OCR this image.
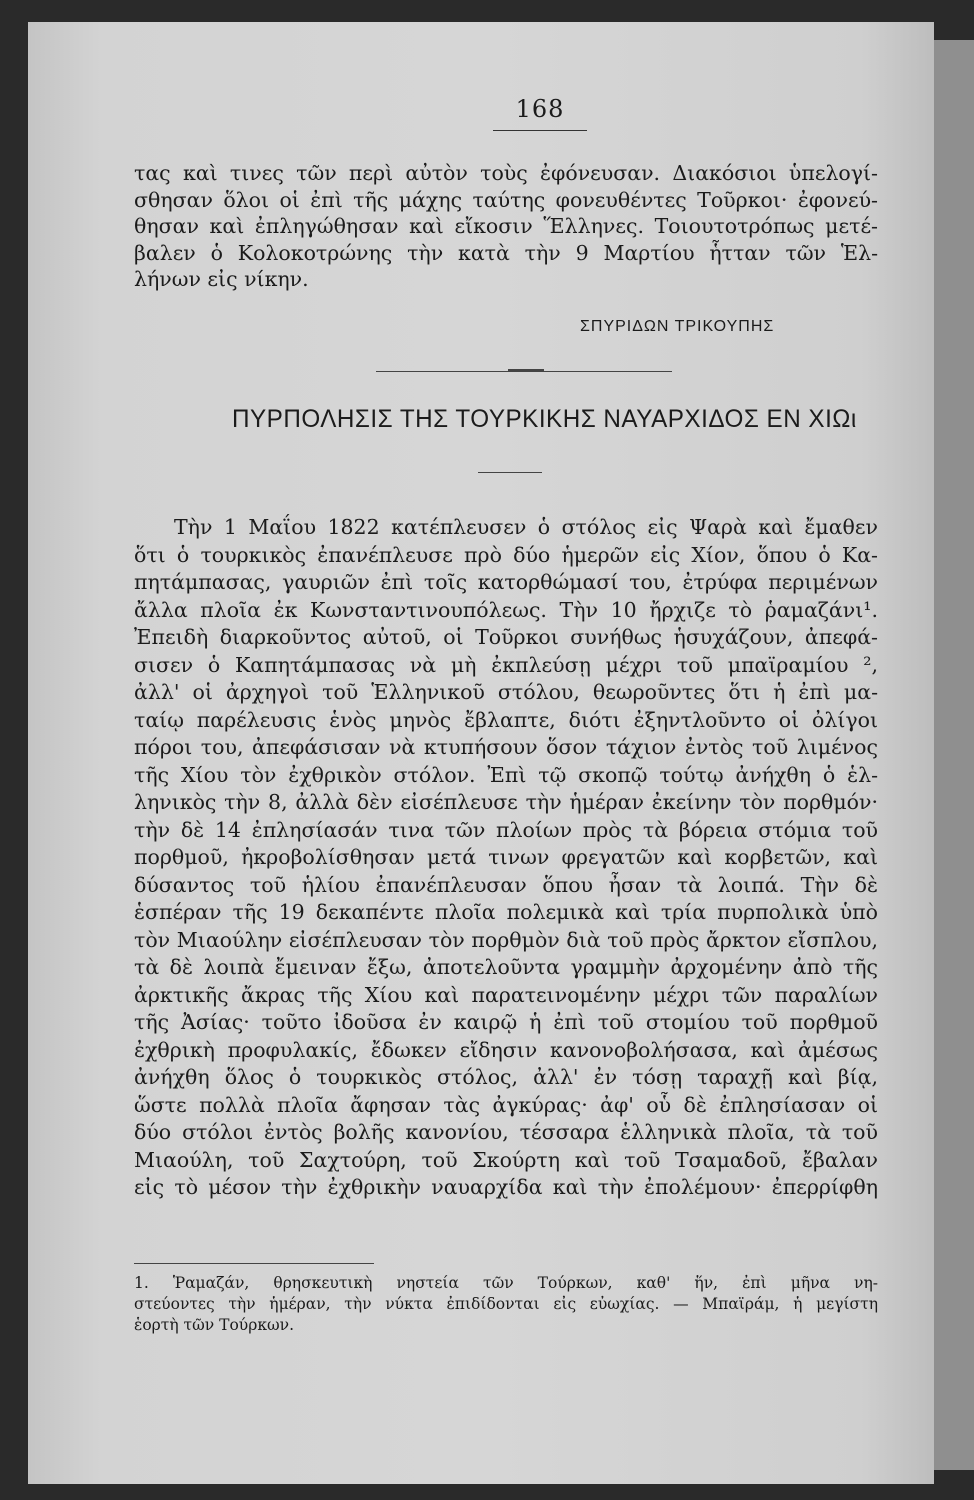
168
τας καὶ τινες τῶν περὶ αὐτὸν τοὺς ἐφόνευσαν. Διακόσιοι ὑπελογί-
σθησαν ὅλοι οἱ ἐπὶ τῆς μάχης ταύτης φονευθέντες Τοῦρκοι· ἐφονεύ-
θησαν καὶ ἐπληγώθησαν καὶ εἴκοσιν Ἕλληνες. Τοιουτοτρόπως μετέ-
βαλεν ὁ Κολοκοτρώνης τὴν κατὰ τὴν 9 Μαρτίου ἧτταν τῶν Ἑλ-
λήνων εἰς νίκην.
ΣΠΥΡΙΔΩΝ ΤΡΙΚΟΥΠΗΣ
ΠΥΡΠΟΛΗΣΙΣ ΤΗΣ ΤΟΥΡΚΙΚΗΣ ΝΑΥΑΡΧΙΔΟΣ ΕΝ ΧΙΩι
Τὴν 1 Μαΐου 1822 κατέπλευσεν ὁ στόλος εἰς Ψαρὰ καὶ ἔμαθεν
ὅτι ὁ τουρκικὸς ἐπανέπλευσε πρὸ δύο ἡμερῶν εἰς Χίον, ὅπου ὁ Κα-
πητάμπασας, γαυριῶν ἐπὶ τοῖς κατορθώμασί του, ἐτρύφα περιμένων
ἄλλα πλοῖα ἐκ Κωνσταντινουπόλεως. Τὴν 10 ἤρχιζε τὸ ῥαμαζάνι¹.
Ἐπειδὴ διαρκοῦντος αὐτοῦ, οἱ Τοῦρκοι συνήθως ἡσυχάζουν, ἀπεφά-
σισεν ὁ Καπητάμπασας νὰ μὴ ἐκπλεύσῃ μέχρι τοῦ μπαϊραμίου ²,
ἀλλ' οἱ ἀρχηγοὶ τοῦ Ἑλληνικοῦ στόλου, θεωροῦντες ὅτι ἡ ἐπὶ μα-
ταίῳ παρέλευσις ἑνὸς μηνὸς ἔβλαπτε, διότι ἐξηντλοῦντο οἱ ὀλίγοι
πόροι του, ἀπεφάσισαν νὰ κτυπήσουν ὅσον τάχιον ἐντὸς τοῦ λιμένος
τῆς Χίου τὸν ἐχθρικὸν στόλον. Ἐπὶ τῷ σκοπῷ τούτῳ ἀνήχθη ὁ ἑλ-
ληνικὸς τὴν 8, ἀλλὰ δὲν εἰσέπλευσε τὴν ἡμέραν ἐκείνην τὸν πορθμόν·
τὴν δὲ 14 ἐπλησίασάν τινα τῶν πλοίων πρὸς τὰ βόρεια στόμια τοῦ
πορθμοῦ, ἠκροβολίσθησαν μετά τινων φρεγατῶν καὶ κορβετῶν, καὶ
δύσαντος τοῦ ἡλίου ἐπανέπλευσαν ὅπου ἦσαν τὰ λοιπά. Τὴν δὲ
ἑσπέραν τῆς 19 δεκαπέντε πλοῖα πολεμικὰ καὶ τρία πυρπολικὰ ὑπὸ
τὸν Μιαούλην εἰσέπλευσαν τὸν πορθμὸν διὰ τοῦ πρὸς ἄρκτον εἴσπλου,
τὰ δὲ λοιπὰ ἔμειναν ἔξω, ἀποτελοῦντα γραμμὴν ἀρχομένην ἀπὸ τῆς
ἀρκτικῆς ἄκρας τῆς Χίου καὶ παρατεινομένην μέχρι τῶν παραλίων
τῆς Ἀσίας· τοῦτο ἰδοῦσα ἐν καιρῷ ἡ ἐπὶ τοῦ στομίου τοῦ πορθμοῦ
ἐχθρικὴ προφυλακίς, ἔδωκεν εἴδησιν κανονοβολήσασα, καὶ ἀμέσως
ἀνήχθη ὅλος ὁ τουρκικὸς στόλος, ἀλλ' ἐν τόσῃ ταραχῇ καὶ βίᾳ,
ὥστε πολλὰ πλοῖα ἄφησαν τὰς ἀγκύρας· ἀφ' οὗ δὲ ἐπλησίασαν οἱ
δύο στόλοι ἐντὸς βολῆς κανονίου, τέσσαρα ἑλληνικὰ πλοῖα, τὰ τοῦ
Μιαούλη, τοῦ Σαχτούρη, τοῦ Σκούρτη καὶ τοῦ Τσαμαδοῦ, ἔβαλαν
εἰς τὸ μέσον τὴν ἐχθρικὴν ναυαρχίδα καὶ τὴν ἐπολέμουν· ἐπερρίφθη
1. Ῥαμαζάν, θρησκευτικὴ νηστεία τῶν Τούρκων, καθ' ἥν, ἐπὶ μῆνα νη-
στεύοντες τὴν ἡμέραν, τὴν νύκτα ἐπιδίδονται εἰς εὐωχίας. — Μπαϊράμ, ἡ μεγίστη
ἑορτὴ τῶν Τούρκων.
